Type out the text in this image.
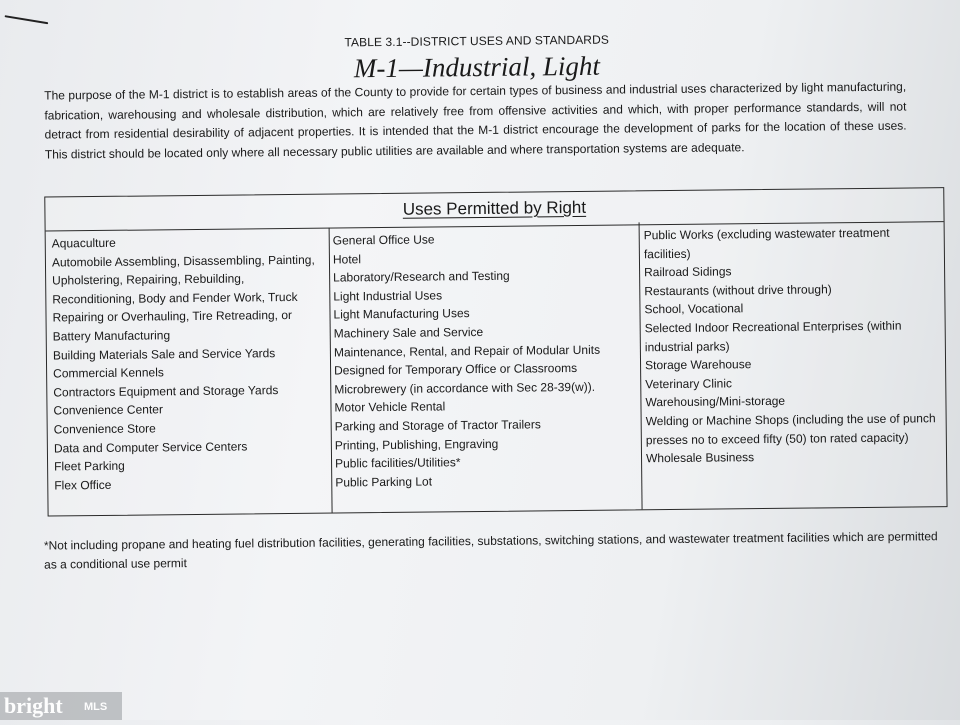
TABLE 3.1--DISTRICT USES AND STANDARDS
M-1—Industrial, Light
The purpose of the M-1 district is to establish areas of the County to provide for certain types of business and industrial uses characterized by light manufacturing, fabrication, warehousing and wholesale distribution, which are relatively free from offensive activities and which, with proper performance standards, will not detract from residential desirability of adjacent properties. It is intended that the M-1 district encourage the development of parks for the location of these uses. This district should be located only where all necessary public utilities are available and where transportation systems are adequate.
Uses Permitted by Right
Aquaculture
Automobile Assembling, Disassembling, Painting,
Upholstering, Repairing, Rebuilding,
Reconditioning, Body and Fender Work, Truck
Repairing or Overhauling, Tire Retreading, or
Battery Manufacturing
Building Materials Sale and Service Yards
Commercial Kennels
Contractors Equipment and Storage Yards
Convenience Center
Convenience Store
Data and Computer Service Centers
Fleet Parking
Flex Office
General Office Use
Hotel
Laboratory/Research and Testing
Light Industrial Uses
Light Manufacturing Uses
Machinery Sale and Service
Maintenance, Rental, and Repair of Modular Units
Designed for Temporary Office or Classrooms
Microbrewery (in accordance with Sec 28-39(w)).
Motor Vehicle Rental
Parking and Storage of Tractor Trailers
Printing, Publishing, Engraving
Public facilities/Utilities*
Public Parking Lot
Public Works (excluding wastewater treatment facilities)
Railroad Sidings
Restaurants (without drive through)
School, Vocational
Selected Indoor Recreational Enterprises (within industrial parks)
Storage Warehouse
Veterinary Clinic
Warehousing/Mini-storage
Welding or Machine Shops (including the use of punch presses no to exceed fifty (50) ton rated capacity)
Wholesale Business
*Not including propane and heating fuel distribution facilities, generating facilities, substations, switching stations, and wastewater treatment facilities which are permitted as a conditional use permit
bright MLS
